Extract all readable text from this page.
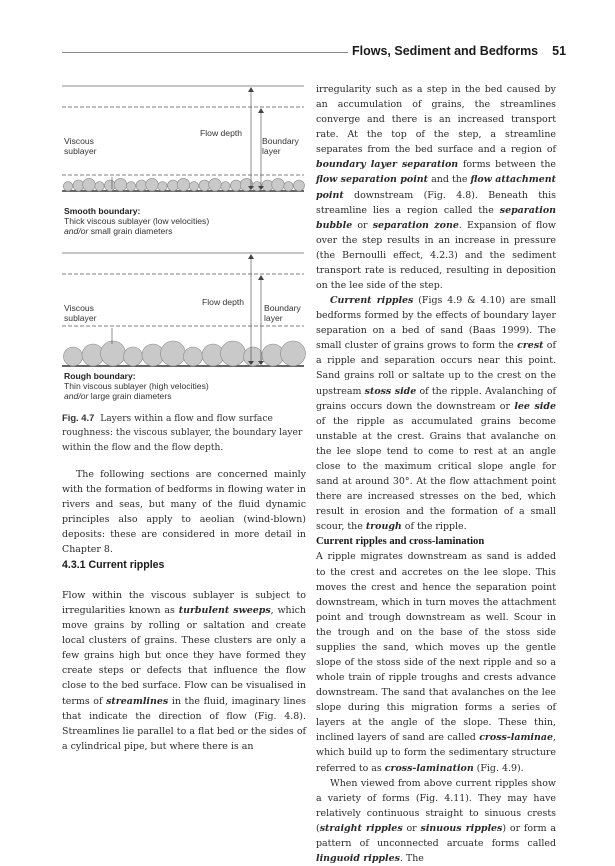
Flows, Sediment and Bedforms 51
Flow depth
Viscous
sublayer
Boundary
layer
Smooth boundary:
Thick viscous sublayer (low velocities)
and/or small grain diameters
Flow depth
Viscous
sublayer
Boundary
layer
Rough boundary:
Thin viscous sublayer (high velocities)
and/or large grain diameters
Fig. 4.7 Layers within a flow and flow surface roughness: the viscous sublayer, the boundary layer within the flow and the flow depth.

The following sections are concerned mainly with the formation of bedforms in flowing water in rivers and seas, but many of the fluid dynamic principles also apply to aeolian (wind-blown) deposits: these are considered in more detail in Chapter 8.

4.3.1 Current ripples

Flow within the viscous sublayer is subject to irregularities known as turbulent sweeps, which move grains by rolling or saltation and create local clusters of grains. These clusters are only a few grains high but once they have formed they create steps or defects that influence the flow close to the bed surface. Flow can be visualised in terms of streamlines in the fluid, imaginary lines that indicate the direction of flow (Fig. 4.8). Streamlines lie parallel to a flat bed or the sides of a cylindrical pipe, but where there is an

irregularity such as a step in the bed caused by an accumulation of grains, the streamlines converge and there is an increased transport rate. At the top of the step, a streamline separates from the bed surface and a region of boundary layer separation forms between the flow separation point and the flow attachment point downstream (Fig. 4.8). Beneath this streamline lies a region called the separation bubble or separation zone. Expansion of flow over the step results in an increase in pressure (the Bernoulli effect, 4.2.3) and the sediment transport rate is reduced, resulting in deposition on the lee side of the step.

Current ripples (Figs 4.9 & 4.10) are small bedforms formed by the effects of boundary layer separation on a bed of sand (Baas 1999). The small cluster of grains grows to form the crest of a ripple and separation occurs near this point. Sand grains roll or saltate up to the crest on the upstream stoss side of the ripple. Avalanching of grains occurs down the downstream or lee side of the ripple as accumulated grains become unstable at the crest. Grains that avalanche on the lee slope tend to come to rest at an angle close to the maximum critical slope angle for sand at around 30°. At the flow attachment point there are increased stresses on the bed, which result in erosion and the formation of a small scour, the trough of the ripple.

Current ripples and cross-lamination

A ripple migrates downstream as sand is added to the crest and accretes on the lee slope. This moves the crest and hence the separation point downstream, which in turn moves the attachment point and trough downstream as well. Scour in the trough and on the base of the stoss side supplies the sand, which moves up the gentle slope of the stoss side of the next ripple and so a whole train of ripple troughs and crests advance downstream. The sand that avalanches on the lee slope during this migration forms a series of layers at the angle of the slope. These thin, inclined layers of sand are called cross-laminae, which build up to form the sedimentary structure referred to as cross-lamination (Fig. 4.9).

When viewed from above current ripples show a variety of forms (Fig. 4.11). They may have relatively continuous straight to sinuous crests (straight ripples or sinuous ripples) or form a pattern of unconnected arcuate forms called linguoid ripples. The
